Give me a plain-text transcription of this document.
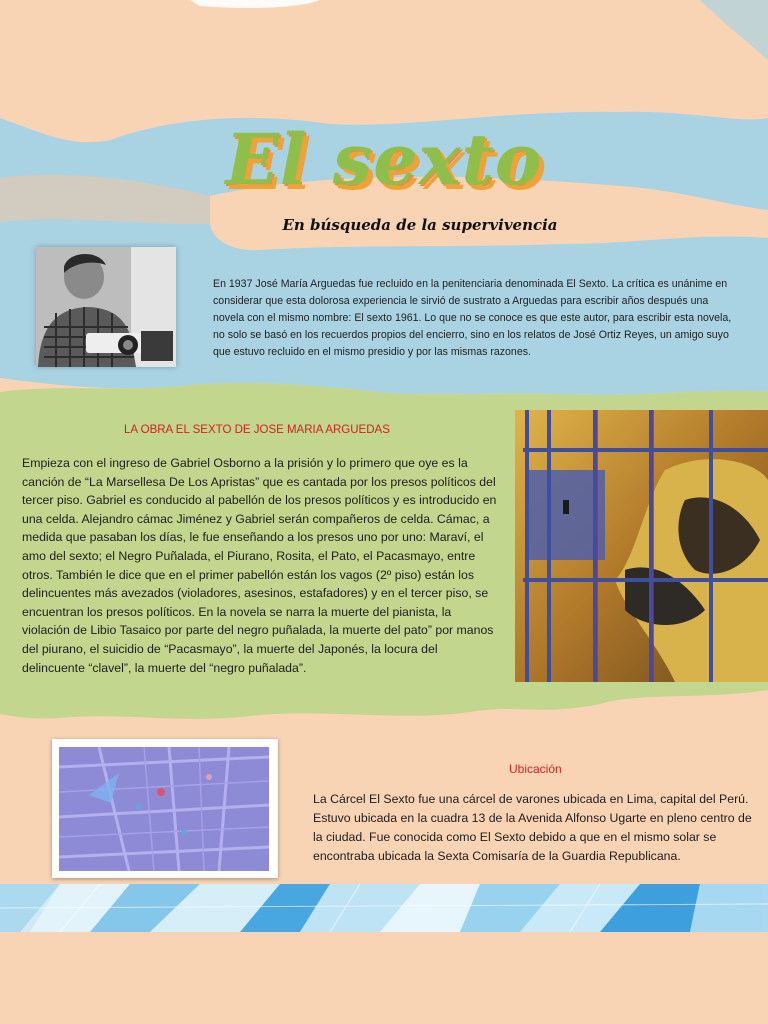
El sexto
En búsqueda de la supervivencia
En 1937 José María Arguedas fue recluido en la penitenciaria denominada El Sexto. La crítica es unánime en considerar que esta dolorosa experiencia le sirvió de sustrato a Arguedas para escribir años después una novela con el mismo nombre: El sexto 1961. Lo que no se conoce es que este autor, para escribir esta novela, no solo se basó en los recuerdos propios del encierro, sino en los relatos de José Ortiz Reyes, un amigo suyo que estuvo recluido en el mismo presidio y por las mismas razones.
LA OBRA EL SEXTO DE JOSE MARIA ARGUEDAS
Empieza con el ingreso de Gabriel Osborno a la prisión y lo primero que oye es la canción de “La Marsellesa De Los Apristas” que es cantada por los presos políticos del tercer piso. Gabriel es conducido al pabellón de los presos políticos y es introducido en una celda. Alejandro cámac Jiménez y Gabriel serán compañeros de celda. Cámac, a medida que pasaban los días, le fue enseñando a los presos uno por uno: Maraví, el amo del sexto; el Negro Puñalada, el Piurano, Rosita, el Pato, el Pacasmayo, entre otros. También le dice que en el primer pabellón están los vagos (2º piso) están los delincuentes más avezados (violadores, asesinos, estafadores) y en el tercer piso, se encuentran los presos políticos. En la novela se narra la muerte del pianista, la violación de Libio Tasaico por parte del negro puñalada, la muerte del pato” por manos del piurano, el suicidio de “Pacasmayo”, la muerte del Japonés, la locura del delincuente “clavel”, la muerte del “negro puñalada”.
Ubicación
La Cárcel El Sexto fue una cárcel de varones ubicada en Lima, capital del Perú. Estuvo ubicada en la cuadra 13 de la Avenida Alfonso Ugarte en pleno centro de la ciudad. Fue conocida como El Sexto debido a que en el mismo solar se encontraba ubicada la Sexta Comisaría de la Guardia Republicana.
